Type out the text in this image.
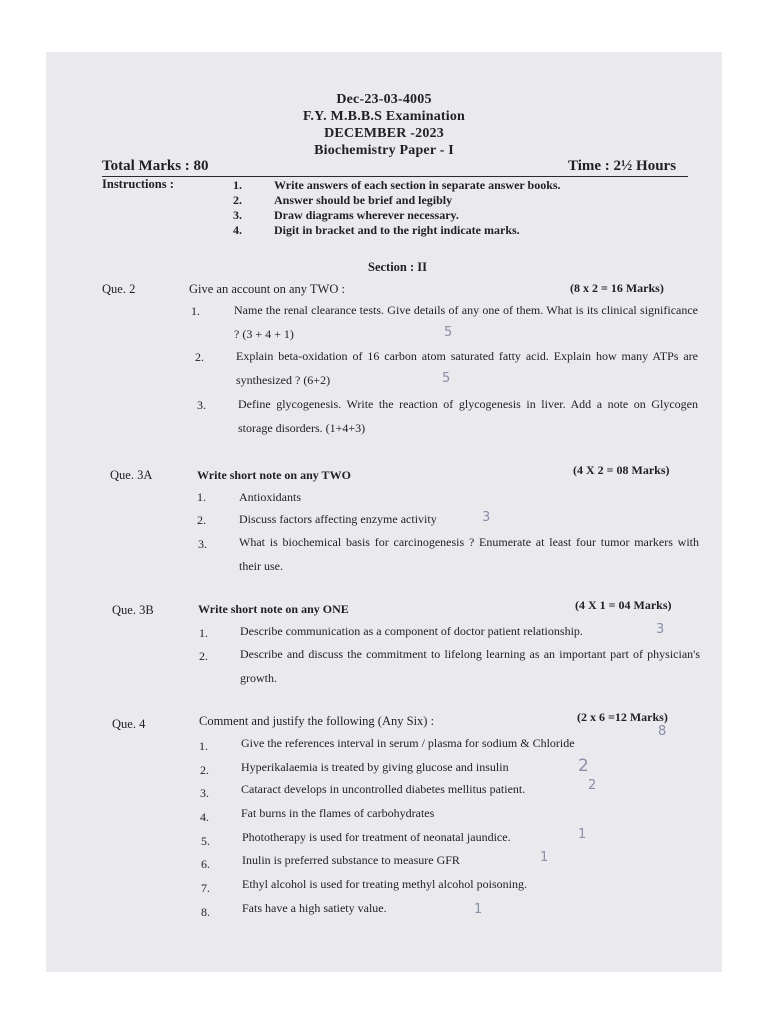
Dec-23-03-4005
F.Y. M.B.B.S Examination
DECEMBER -2023
Biochemistry Paper - I
Total Marks : 80	Time : 2½ Hours
Instructions :	1.	Write answers of each section in separate answer books.
2.	Answer should be brief and legibly
3.	Draw diagrams wherever necessary.
4.	Digit in bracket and to the right indicate marks.
Section : II
Que. 2	Give an account on any TWO :	(8 x 2 = 16 Marks)
1.	Name the renal clearance tests. Give details of any one of them. What is its clinical significance ? (3 + 4 + 1)	5
2.	Explain beta-oxidation of 16 carbon atom saturated fatty acid. Explain how many ATPs are synthesized ? (6+2)	5
3.	Define glycogenesis. Write the reaction of glycogenesis in liver. Add a note on Glycogen storage disorders. (1+4+3)
Que. 3A	Write short note on any TWO	(4 X 2 = 08 Marks)
1.	Antioxidants
2.	Discuss factors affecting enzyme activity	3
3.	What is biochemical basis for carcinogenesis ? Enumerate at least four tumor markers with their use.
Que. 3B	Write short note on any ONE	(4 X 1 = 04 Marks)
1.	Describe communication as a component of doctor patient relationship.	3
2.	Describe and discuss the commitment to lifelong learning as an important part of physician's growth.
Que. 4	Comment and justify the following (Any Six) :	(2 x 6 =12 Marks)
1.	Give the references interval in serum / plasma for sodium & Chloride
8
2.	Hyperikalaemia is treated by giving glucose and insulin	2
3.	Cataract develops in uncontrolled diabetes mellitus patient.	2
4.	Fat burns in the flames of carbohydrates
5.	Phototherapy is used for treatment of neonatal jaundice.	1
6.	Inulin is preferred substance to measure GFR	1
7.	Ethyl alcohol is used for treating methyl alcohol poisoning.
8.	Fats have a high satiety value.	1
